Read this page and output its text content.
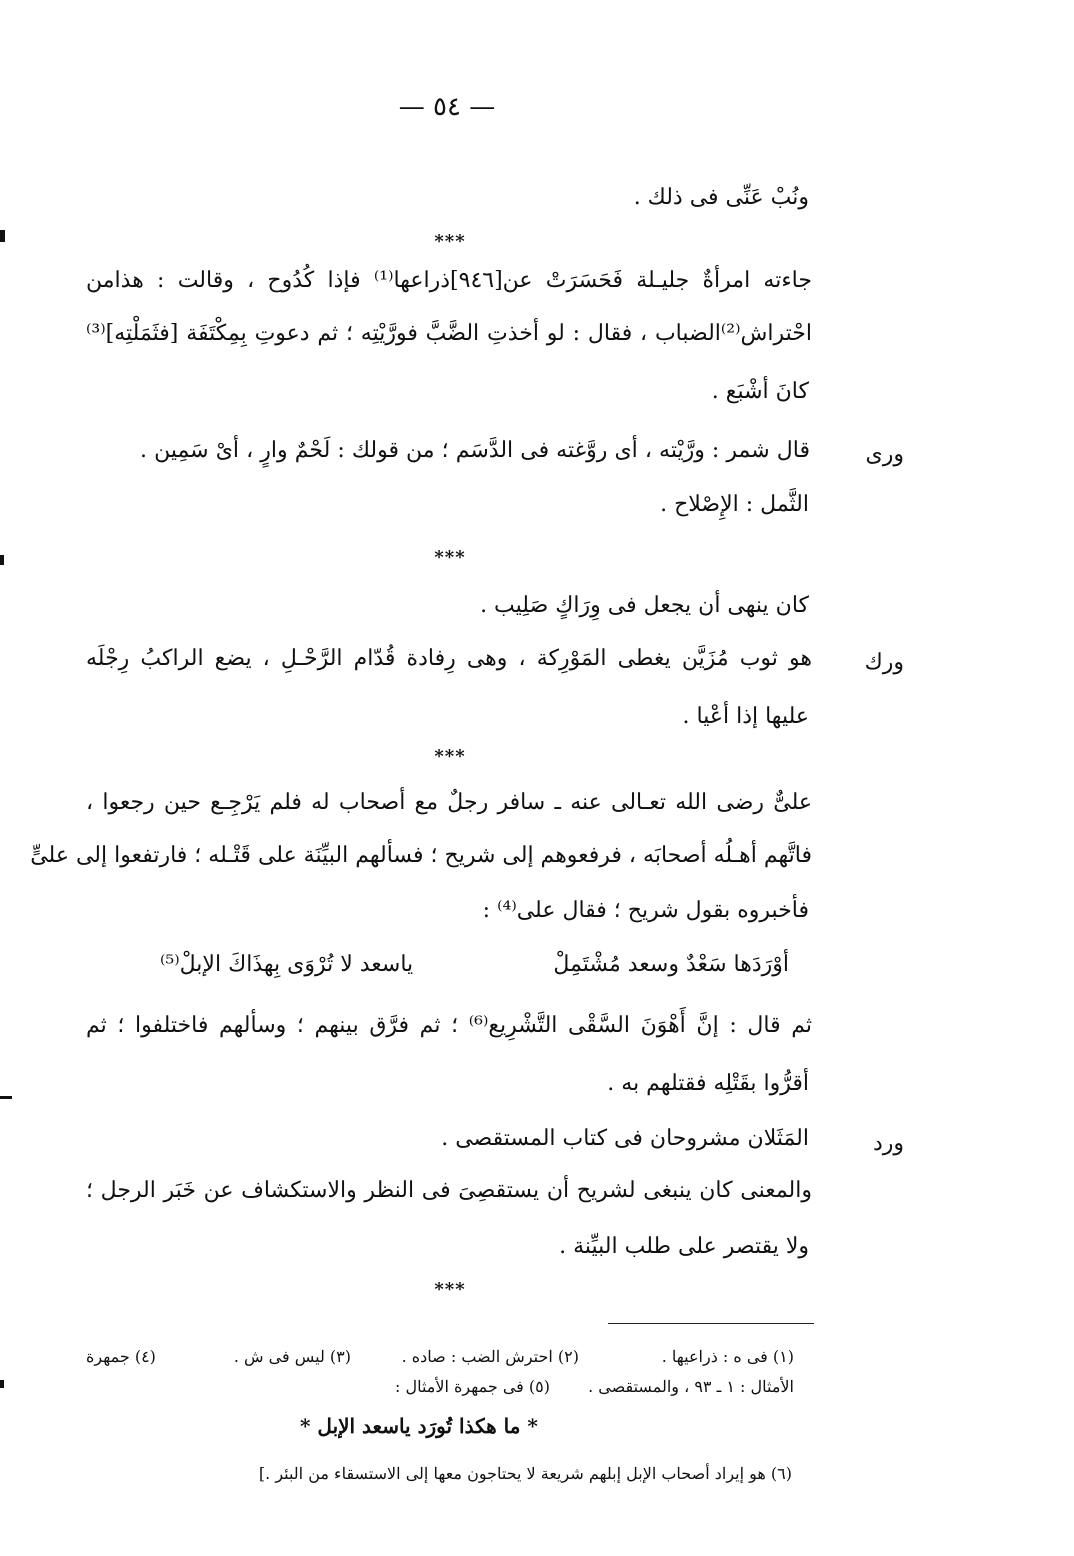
— ٥٤ —
ونُبْ عَنِّى فى ذلك .
***
جاءته امرأةٌ جليـلة فَحَسَرَتْ عن[٩٤٦]ذراعها⁽¹⁾ فإذا كُدُوح ، وقالت : هذامن
احْتراش⁽²⁾الضباب ، فقال : لو أخذتِ الضَّبَّ فورَّيْتِه ؛ ثم دعوتِ بِمِكْتَفَة [فثَمَلْتِه]⁽³⁾
كانَ أشْبَع .
ورى
قال شمر : ورَّيْته ، أى روَّغته فى الدَّسَم ؛ من قولك : لَحْمٌ وارٍ ، أىْ سَمِين .
الثَّمل : الإِصْلاح .
***
كان ينهى أن يجعل فى وِرَاكٍ صَلِيب .
ورك
هو ثوب مُزَيَّن يغطى المَوْرِكة ، وهى رِفادة قُدّام الرَّحْـلِ ، يضع الراكبُ رِجْلَه
عليها إذا أعْيا .
***
علىٌّ رضى الله تعـالى عنه ـ سافر رجلٌ مع أصحاب له فلم يَرْجِـع حين رجعوا ،
فاتَّهم أهـلُه أصحابَه ، فرفعوهم إلى شريح ؛ فسألهم البيِّنَة على قَتْـله ؛ فارتفعوا إلى علىٍّ
فأخبروه بقول شريح ؛ فقال على⁽⁴⁾ :
أوْرَدَها سَعْدٌ وسعد مُشْتَمِلْ
ياسعد لا تُرْوَى بِهذَاكَ الإبلْ⁽⁵⁾
ثم قال : إنَّ أَهْوَنَ السَّقْى التَّشْرِيع⁽⁶⁾ ؛ ثم فرَّق بينهم ؛ وسألهم فاختلفوا ؛ ثم
أقرُّوا بقَتْلِه فقتلهم به .
ورد
المَثَلان مشروحان فى كتاب المستقصى .
والمعنى كان ينبغى لشريح أن يستقصِىَ فى النظر والاستكشاف عن خَبَر الرجل ؛
ولا يقتصر على طلب البيِّنة .
***
(١) فى ه : ذراعيها .
(٢) احترش الضب : صاده .
(٣) ليس فى ش .
(٤) جمهرة
الأمثال : ١ ـ ٩٣ ، والمستقصى .
(٥) فى جمهرة الأمثال :
* ما هكذا تُورَد ياسعد الإبل *
(٦) هو إيراد أصحاب الإبل إبلهم شريعة لا يحتاجون معها إلى الاستسقاء من البئر .]
